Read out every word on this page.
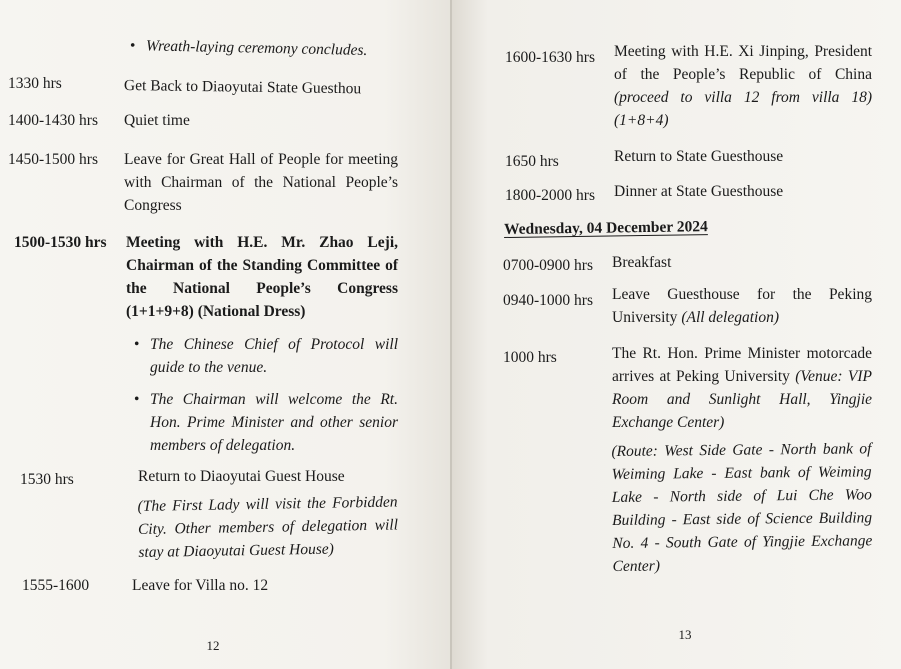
• Wreath-laying ceremony concludes.
1330 hrs	Get Back to Diaoyutai State Guesthou
1400-1430 hrs	Quiet time
1450-1500 hrs	Leave for Great Hall of People for meeting with Chairman of the National People’s Congress
1500-1530 hrs	Meeting with H.E. Mr. Zhao Leji, Chairman of the Standing Committee of the National People’s Congress (1+1+9+8) (National Dress)
• The Chinese Chief of Protocol will guide to the venue.
• The Chairman will welcome the Rt. Hon. Prime Minister and other senior members of delegation.
1530 hrs	Return to Diaoyutai Guest House
(The First Lady will visit the Forbidden City. Other members of delegation will stay at Diaoyutai Guest House)
1555-1600	Leave for Villa no. 12
12
1600-1630 hrs	Meeting with H.E. Xi Jinping, President of the People’s Republic of China (proceed to villa 12 from villa 18) (1+8+4)
1650 hrs	Return to State Guesthouse
1800-2000 hrs	Dinner at State Guesthouse
Wednesday, 04 December 2024
0700-0900 hrs	Breakfast
0940-1000 hrs	Leave Guesthouse for the Peking University (All delegation)
1000 hrs	The Rt. Hon. Prime Minister motorcade arrives at Peking University (Venue: VIP Room and Sunlight Hall, Yingjie Exchange Center)
(Route: West Side Gate - North bank of Weiming Lake - East bank of Weiming Lake - North side of Lui Che Woo Building - East side of Science Building No. 4 - South Gate of Yingjie Exchange Center)
13
